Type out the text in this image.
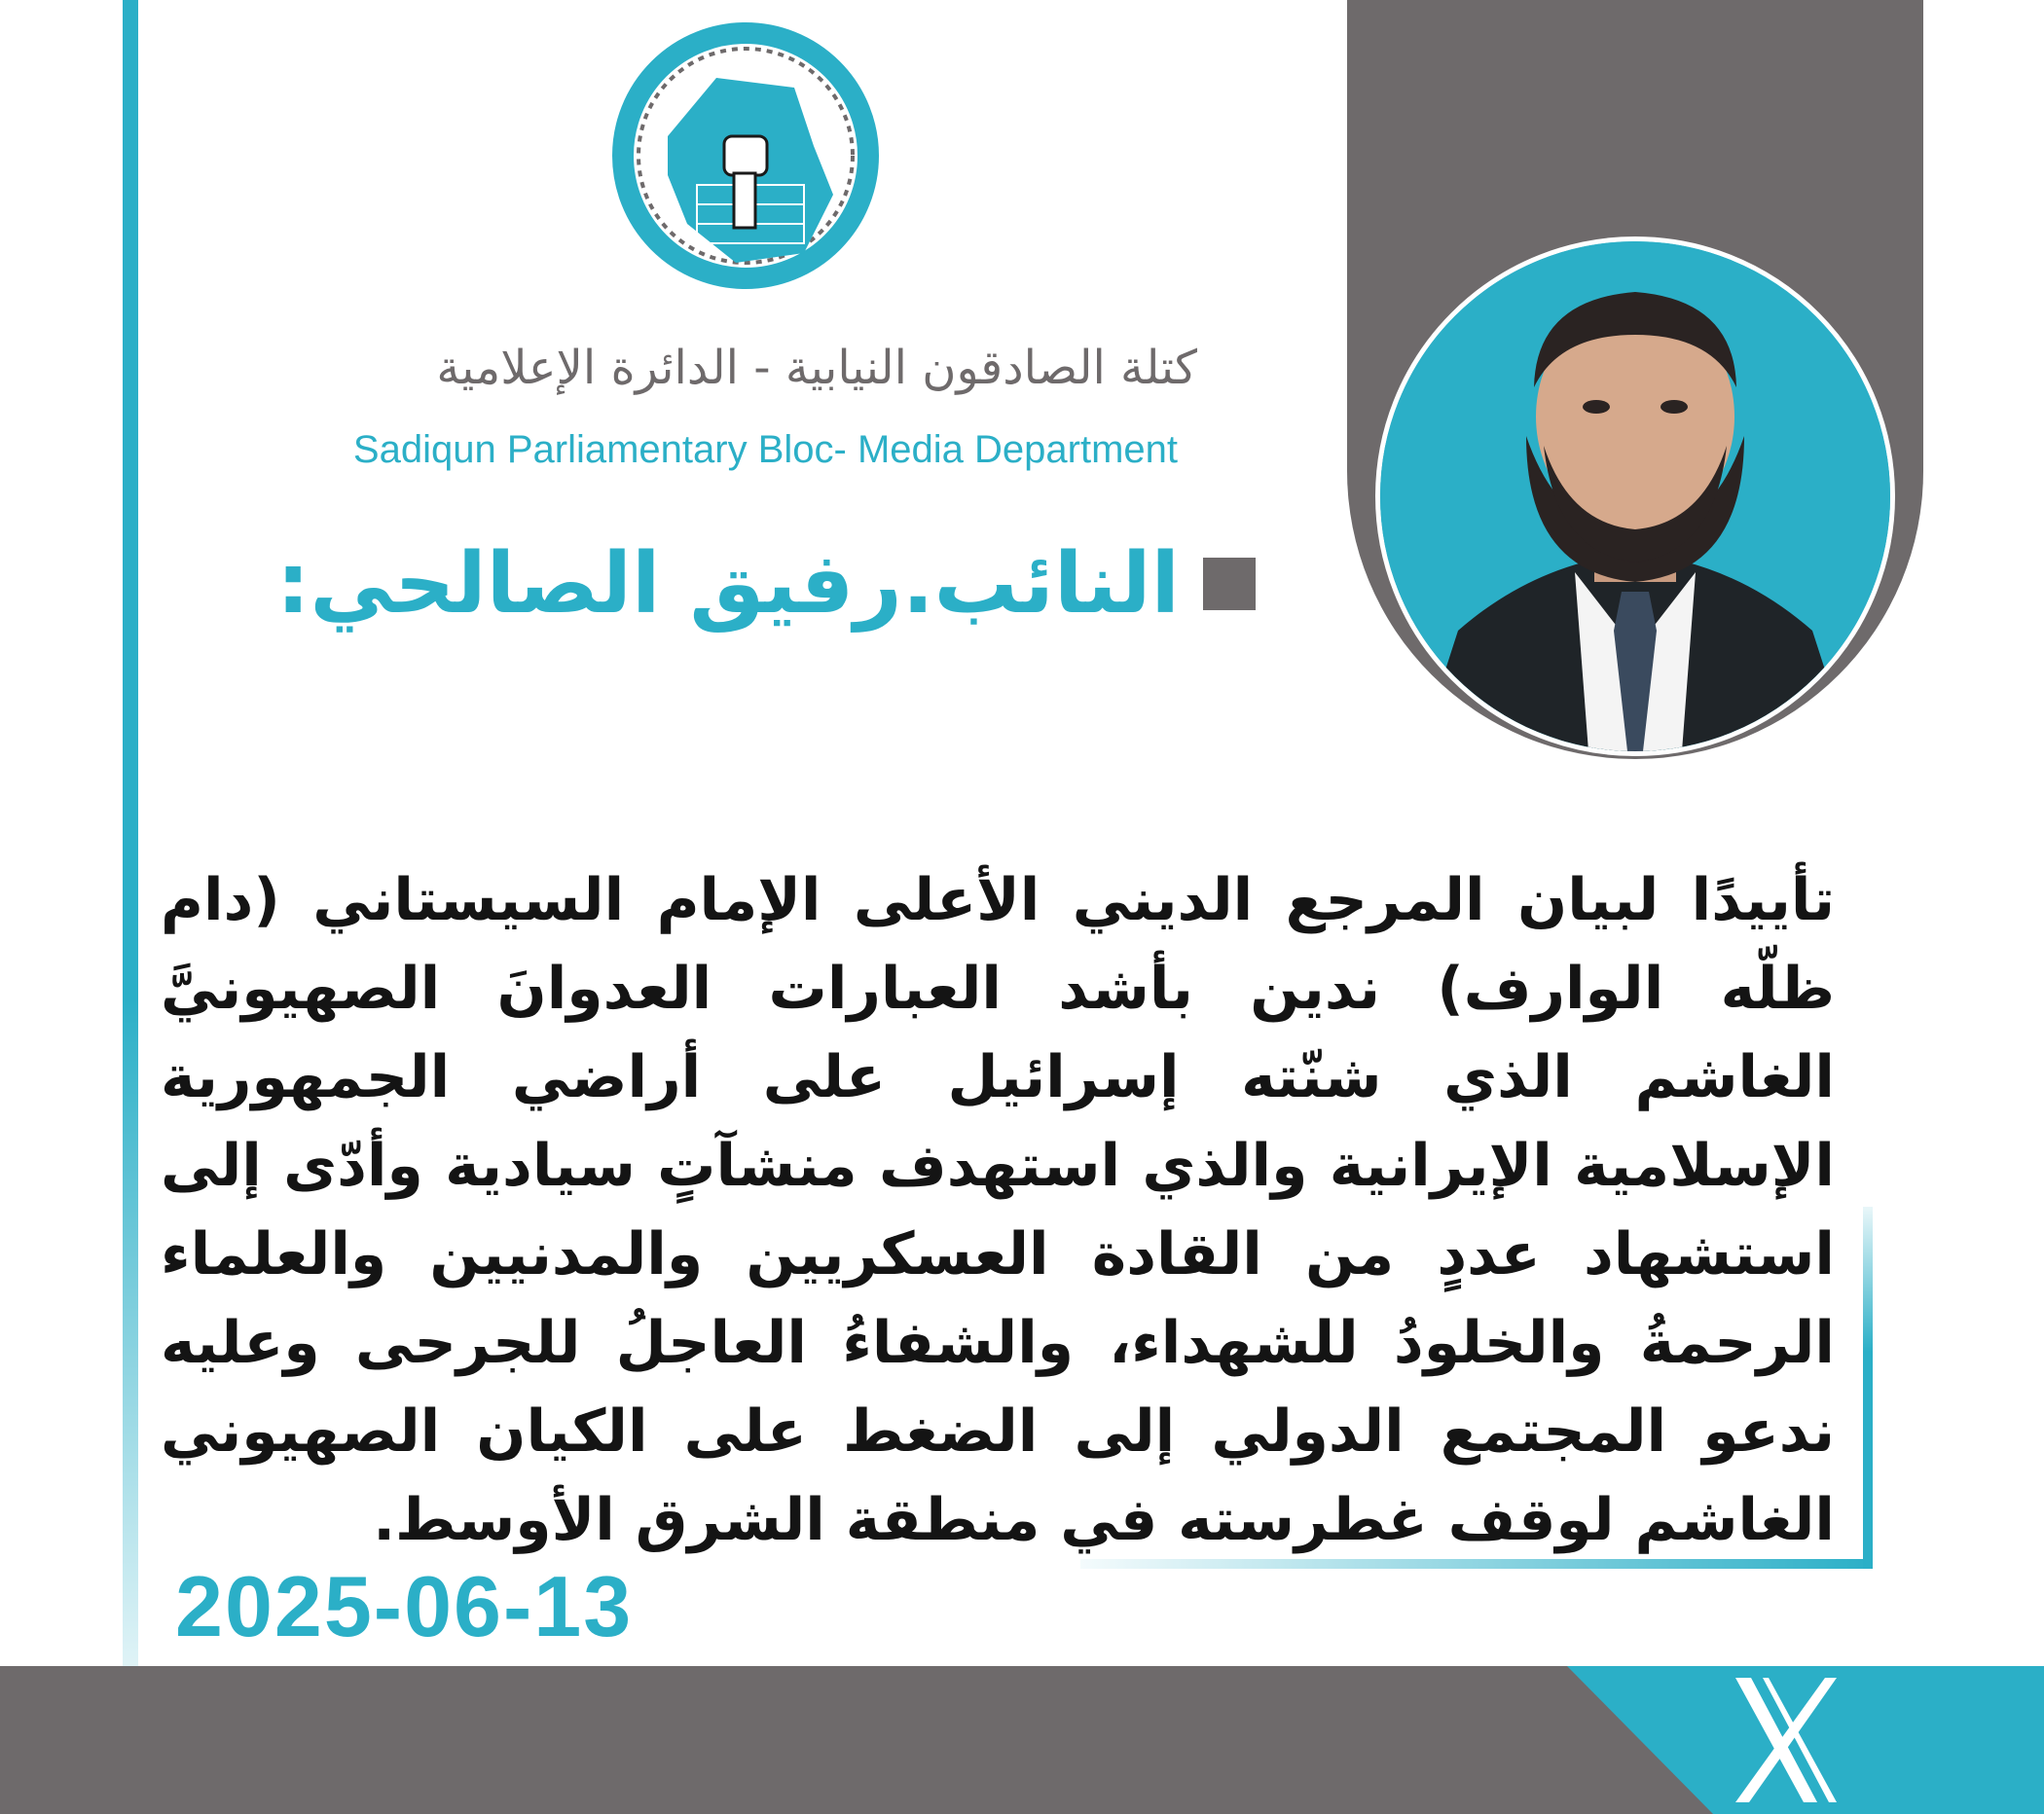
كتلة الصادقون النيابية - الدائرة الإعلامية
Sadiqun Parliamentary Bloc- Media Department
النائب.رفيق الصالحي:
تأييدًا لبيان المرجع الديني الأعلى الإمام السيستاني (دام ظلّه الوارف) ندين بأشد العبارات العدوانَ الصهيونيَّ الغاشم الذي شنّته إسرائيل على أراضي الجمهورية الإسلامية الإيرانية والذي استهدف منشآتٍ سيادية وأدّى إلى استشهاد عددٍ من القادة العسكريين والمدنيين والعلماء الرحمةُ والخلودُ للشهداء، والشفاءُ العاجلُ للجرحى وعليه ندعو المجتمع الدولي إلى الضغط على الكيان الصهيوني الغاشم لوقف غطرسته في منطقة الشرق الأوسط.
2025-06-13
